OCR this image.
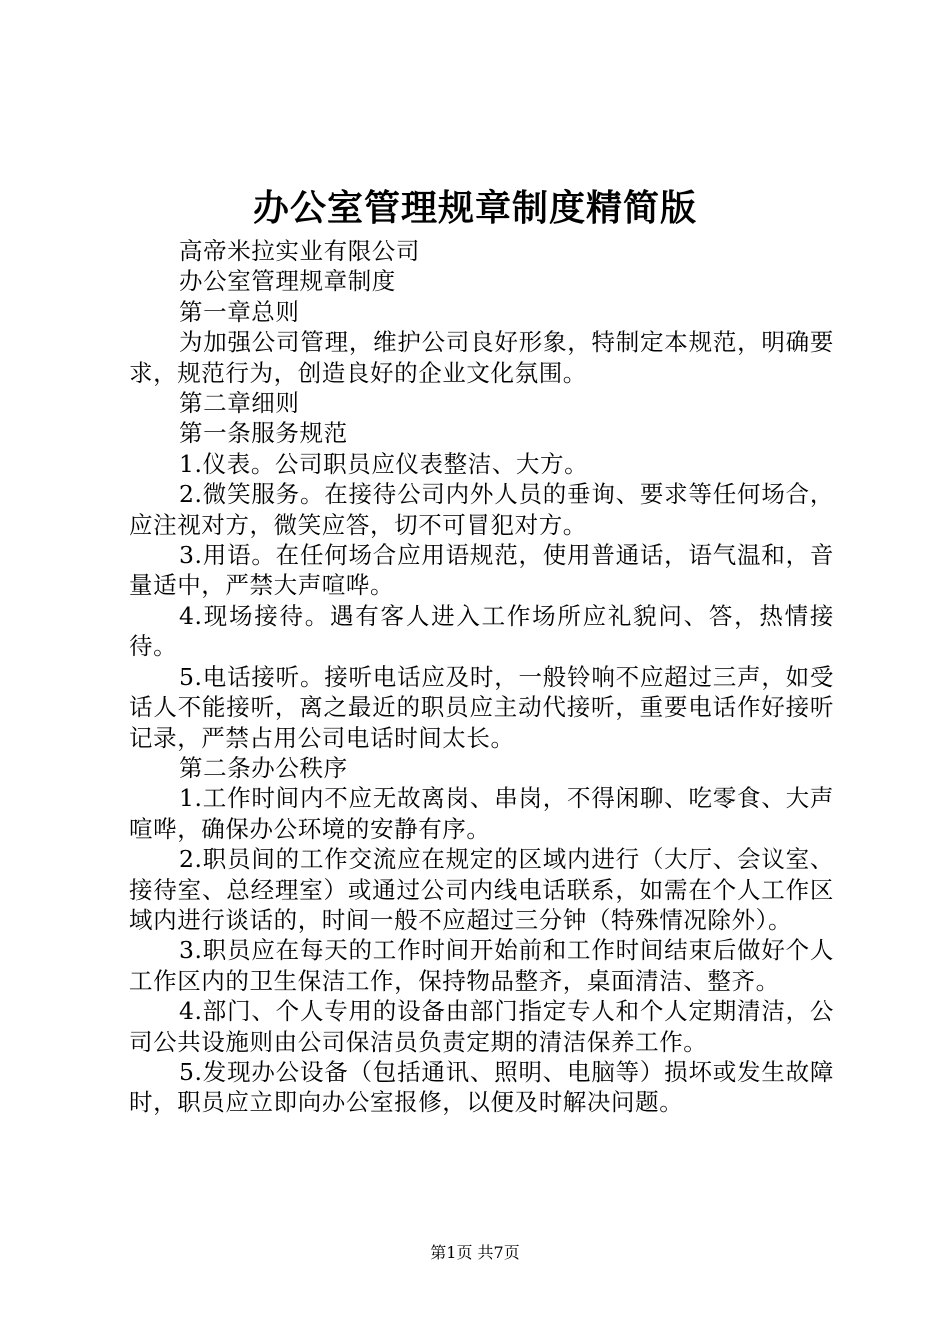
办公室管理规章制度精简版

高帝米拉实业有限公司

办公室管理规章制度

第一章总则

为加强公司管理，维护公司良好形象，特制定本规范，明确要求，规范行为，创造良好的企业文化氛围。

第二章细则

第一条服务规范

1.仪表。公司职员应仪表整洁、大方。

2.微笑服务。在接待公司内外人员的垂询、要求等任何场合，应注视对方，微笑应答，切不可冒犯对方。

3.用语。在任何场合应用语规范，使用普通话，语气温和，音量适中，严禁大声喧哗。

4.现场接待。遇有客人进入工作场所应礼貌问、答，热情接待。

5.电话接听。接听电话应及时，一般铃响不应超过三声，如受话人不能接听，离之最近的职员应主动代接听，重要电话作好接听记录，严禁占用公司电话时间太长。

第二条办公秩序

1.工作时间内不应无故离岗、串岗，不得闲聊、吃零食、大声喧哗，确保办公环境的安静有序。

2.职员间的工作交流应在规定的区域内进行（大厅、会议室、接待室、总经理室）或通过公司内线电话联系，如需在个人工作区域内进行谈话的，时间一般不应超过三分钟（特殊情况除外）。

3.职员应在每天的工作时间开始前和工作时间结束后做好个人工作区内的卫生保洁工作，保持物品整齐，桌面清洁、整齐。

4.部门、个人专用的设备由部门指定专人和个人定期清洁，公司公共设施则由公司保洁员负责定期的清洁保养工作。

5.发现办公设备（包括通讯、照明、电脑等）损坏或发生故障时，职员应立即向办公室报修，以便及时解决问题。

第1页 共7页
